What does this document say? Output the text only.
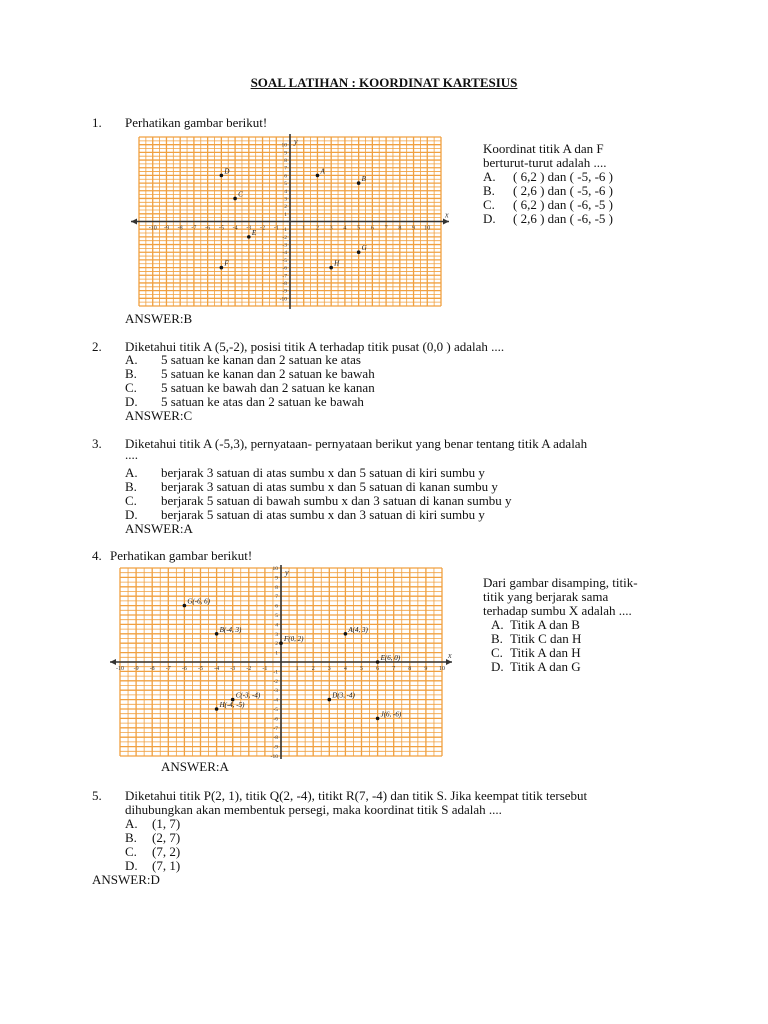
SOAL LATIHAN : KOORDINAT KARTESIUS
1. Perhatikan gambar berikut!
x
y
-10 -9 -8 -7 -6 -5 -4 -3 -2 -1	1 2 3 4 5 6 7 8 9 10
-10
-9
-8
-7
-6
-5
-4
-3
-2
-1
1
2
3
4
5
6
7
8
9
10
A
B
C
D
E
F
G
H
Koordinat titik A dan F
berturut-turut adalah ....
A. ( 6,2 ) dan ( -5, -6 )
B. ( 2,6 ) dan ( -5, -6 )
C. ( 6,2 ) dan ( -6, -5 )
D. ( 2,6 ) dan ( -6, -5 )
ANSWER:B
2. Diketahui titik A (5,-2), posisi titik A terhadap titik pusat (0,0 ) adalah ....
A. 5 satuan ke kanan dan 2 satuan ke atas
B. 5 satuan ke kanan dan 2 satuan ke bawah
C. 5 satuan ke bawah dan 2 satuan ke kanan
D. 5 satuan ke atas dan 2 satuan ke bawah
ANSWER:C
3. Diketahui titik A (-5,3), pernyataan- pernyataan berikut yang benar tentang titik A adalah
....
A. berjarak 3 satuan di atas sumbu x dan 5 satuan di kiri sumbu y
B. berjarak 3 satuan di atas sumbu x dan 5 satuan di kanan sumbu y
C. berjarak 5 satuan di bawah sumbu x dan 3 satuan di kanan sumbu y
D. berjarak 5 satuan di atas sumbu x dan 3 satuan di kiri sumbu y
ANSWER:A
4. Perhatikan gambar berikut!
x
y
-10 -9 -8 -7 -6 -5 -4 -3 -2 -1	1 2 3 4 5 6 7 8 9 10
-10
-9
-8
-7
-6
-5
-4
-3
-2
-1
1
2
3
4
5
6
7
8
9
10
G(-6, 6)
B(-4, 3)
F(0, 2)
A(4, 3)
E(6, 0)
C(-3, -4)
H(-4, -5)
D(3, -4)
J(6, -6)
Dari gambar disamping, titik-
titik yang berjarak sama
terhadap sumbu X adalah ....
A. Titik A dan B
B. Titik C dan H
C. Titik A dan H
D. Titik A dan G
ANSWER:A
5. Diketahui titik P(2, 1), titik Q(2, -4), titikt R(7, -4) dan titik S. Jika keempat titik tersebut
dihubungkan akan membentuk persegi, maka koordinat titik S adalah ....
A. (1, 7)
B. (2, 7)
C. (7, 2)
D. (7, 1)
ANSWER:D
